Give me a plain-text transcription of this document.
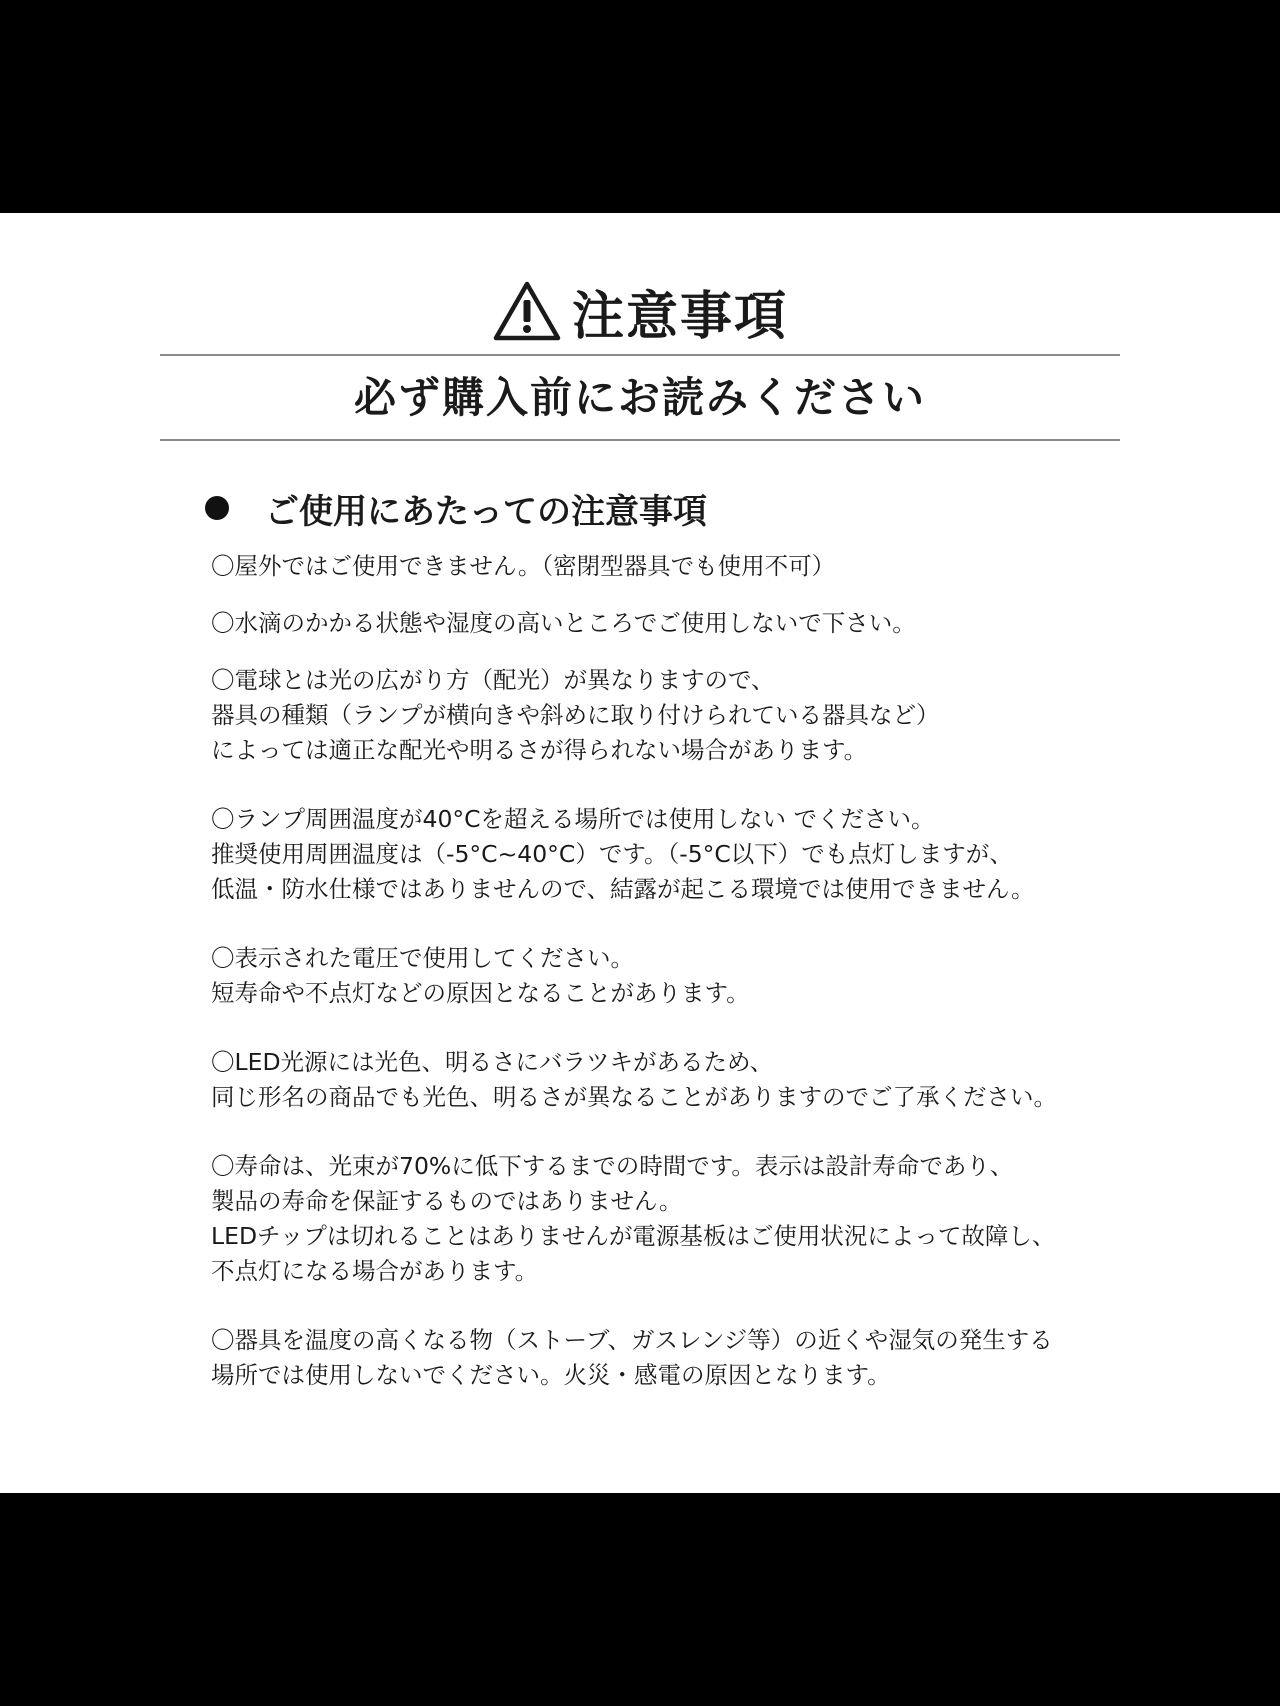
注意事項
必ず購入前にお読みください
ご使用にあたっての注意事項
〇屋外ではご使用できません。（密閉型器具でも使用不可）
〇水滴のかかる状態や湿度の高いところでご使用しないで下さい。
〇電球とは光の広がり方（配光）が異なりますので、
器具の種類（ランプが横向きや斜めに取り付けられている器具など）
によっては適正な配光や明るさが得られない場合があります。
〇ランプ周囲温度が40°Cを超える場所では使用しない でください。
推奨使用周囲温度は（-5°C~40°C）です。（-5°C以下）でも点灯しますが、
低温・防水仕様ではありませんので、結露が起こる環境では使用できません。
〇表示された電圧で使用してください。
短寿命や不点灯などの原因となることがあります。
〇LED光源には光色、明るさにバラツキがあるため、
同じ形名の商品でも光色、明るさが異なることがありますのでご了承ください。
〇寿命は、光束が70%に低下するまでの時間です。表示は設計寿命であり、
製品の寿命を保証するものではありません。
LEDチップは切れることはありませんが電源基板はご使用状況によって故障し、
不点灯になる場合があります。
〇器具を温度の高くなる物（ストーブ、ガスレンジ等）の近くや湿気の発生する
場所では使用しないでください。火災・感電の原因となります。
